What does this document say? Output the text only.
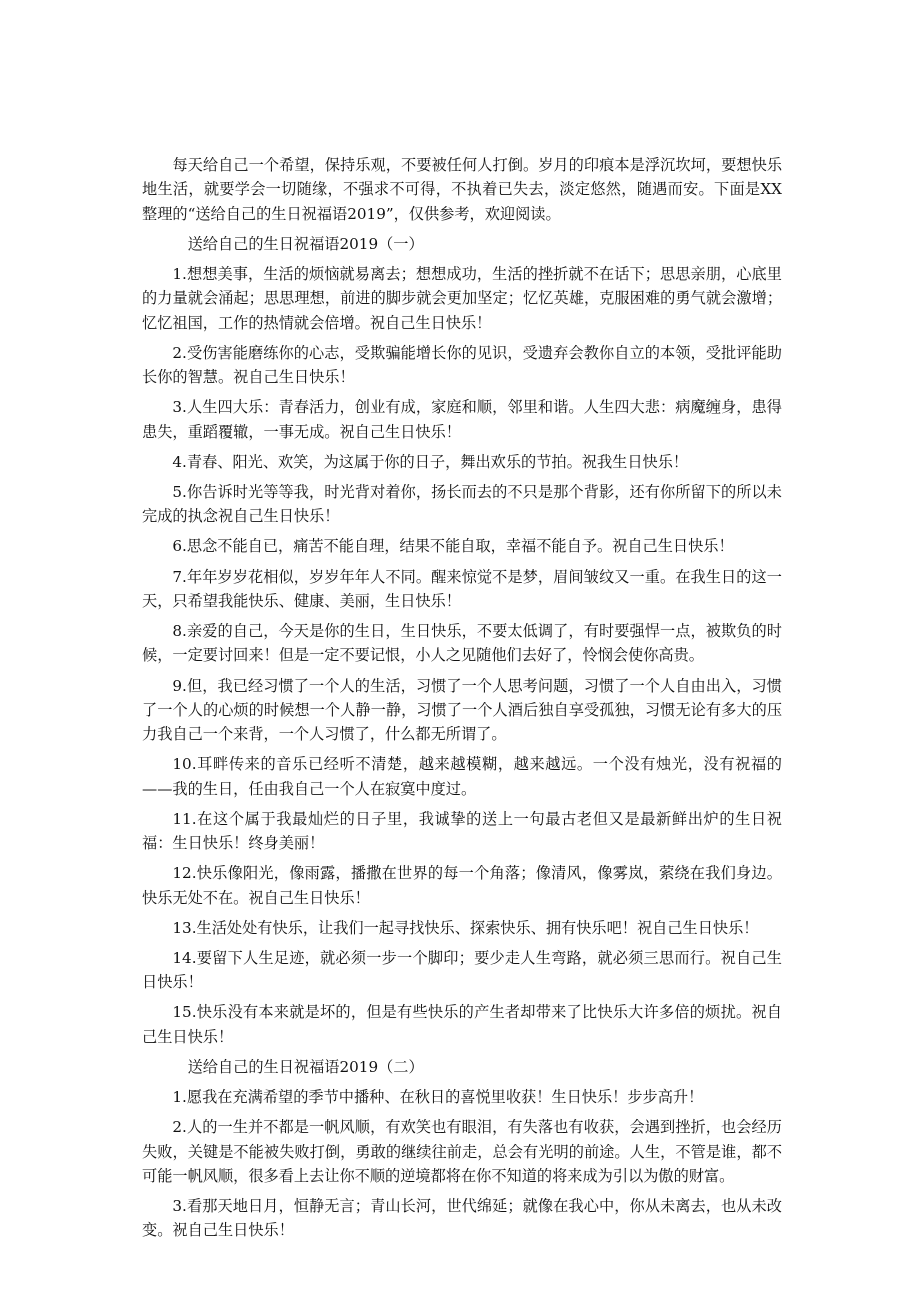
每天给自己一个希望，保持乐观，不要被任何人打倒。岁月的印痕本是浮沉坎坷，要想快乐地生活，就要学会一切随缘，不强求不可得，不执着已失去，淡定悠然，随遇而安。下面是XX整理的“送给自己的生日祝福语2019”，仅供参考，欢迎阅读。

送给自己的生日祝福语2019（一）

1.想想美事，生活的烦恼就易离去；想想成功，生活的挫折就不在话下；思思亲朋，心底里的力量就会涌起；思思理想，前进的脚步就会更加坚定；忆忆英雄，克服困难的勇气就会激增；忆忆祖国，工作的热情就会倍增。祝自己生日快乐！

2.受伤害能磨练你的心志，受欺骗能增长你的见识，受遗弃会教你自立的本领，受批评能助长你的智慧。祝自己生日快乐！

3.人生四大乐：青春活力，创业有成，家庭和顺，邻里和谐。人生四大悲：病魔缠身，患得患失，重蹈覆辙，一事无成。祝自己生日快乐！

4.青春、阳光、欢笑，为这属于你的日子，舞出欢乐的节拍。祝我生日快乐！

5.你告诉时光等等我，时光背对着你，扬长而去的不只是那个背影，还有你所留下的所以未完成的执念祝自己生日快乐！

6.思念不能自已，痛苦不能自理，结果不能自取，幸福不能自予。祝自己生日快乐！

7.年年岁岁花相似，岁岁年年人不同。醒来惊觉不是梦，眉间皱纹又一重。在我生日的这一天，只希望我能快乐、健康、美丽，生日快乐！

8.亲爱的自己，今天是你的生日，生日快乐，不要太低调了，有时要强悍一点，被欺负的时候，一定要讨回来！但是一定不要记恨，小人之见随他们去好了，怜悯会使你高贵。

9.但，我已经习惯了一个人的生活，习惯了一个人思考问题，习惯了一个人自由出入，习惯了一个人的心烦的时候想一个人静一静，习惯了一个人酒后独自享受孤独，习惯无论有多大的压力我自己一个来背，一个人习惯了，什么都无所谓了。

10.耳畔传来的音乐已经听不清楚，越来越模糊，越来越远。一个没有烛光，没有祝福的——我的生日，任由我自己一个人在寂寞中度过。

11.在这个属于我最灿烂的日子里，我诚挚的送上一句最古老但又是最新鲜出炉的生日祝福：生日快乐！终身美丽！

12.快乐像阳光，像雨露，播撒在世界的每一个角落；像清风，像雾岚，萦绕在我们身边。快乐无处不在。祝自己生日快乐！

13.生活处处有快乐，让我们一起寻找快乐、探索快乐、拥有快乐吧！祝自己生日快乐！

14.要留下人生足迹，就必须一步一个脚印；要少走人生弯路，就必须三思而行。祝自己生日快乐！

15.快乐没有本来就是坏的，但是有些快乐的产生者却带来了比快乐大许多倍的烦扰。祝自己生日快乐！

送给自己的生日祝福语2019（二）

1.愿我在充满希望的季节中播种、在秋日的喜悦里收获！生日快乐！步步高升！

2.人的一生并不都是一帆风顺，有欢笑也有眼泪，有失落也有收获，会遇到挫折，也会经历失败，关键是不能被失败打倒，勇敢的继续往前走，总会有光明的前途。人生，不管是谁，都不可能一帆风顺，很多看上去让你不顺的逆境都将在你不知道的将来成为引以为傲的财富。

3.看那天地日月，恒静无言；青山长河，世代绵延；就像在我心中，你从未离去，也从未改变。祝自己生日快乐！
